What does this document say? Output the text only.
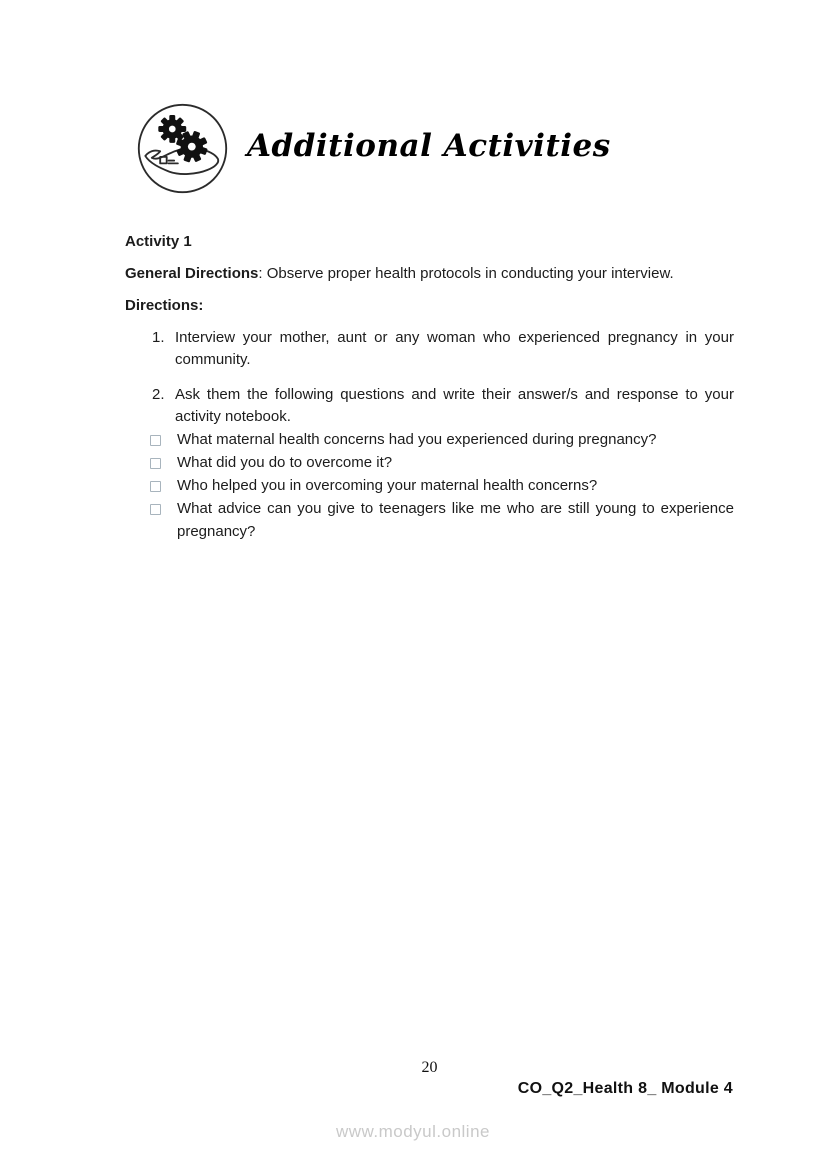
Additional Activities

Activity 1

General Directions: Observe proper health protocols in conducting your interview.

Directions:

1. Interview your mother, aunt or any woman who experienced pregnancy in your community.
2. Ask them the following questions and write their answer/s and response to your activity notebook.
What maternal health concerns had you experienced during pregnancy?
What did you do to overcome it?
Who helped you in overcoming your maternal health concerns?
What advice can you give to teenagers like me who are still young to experience pregnancy?
20
CO_Q2_Health 8_ Module 4
www.modyul.online
